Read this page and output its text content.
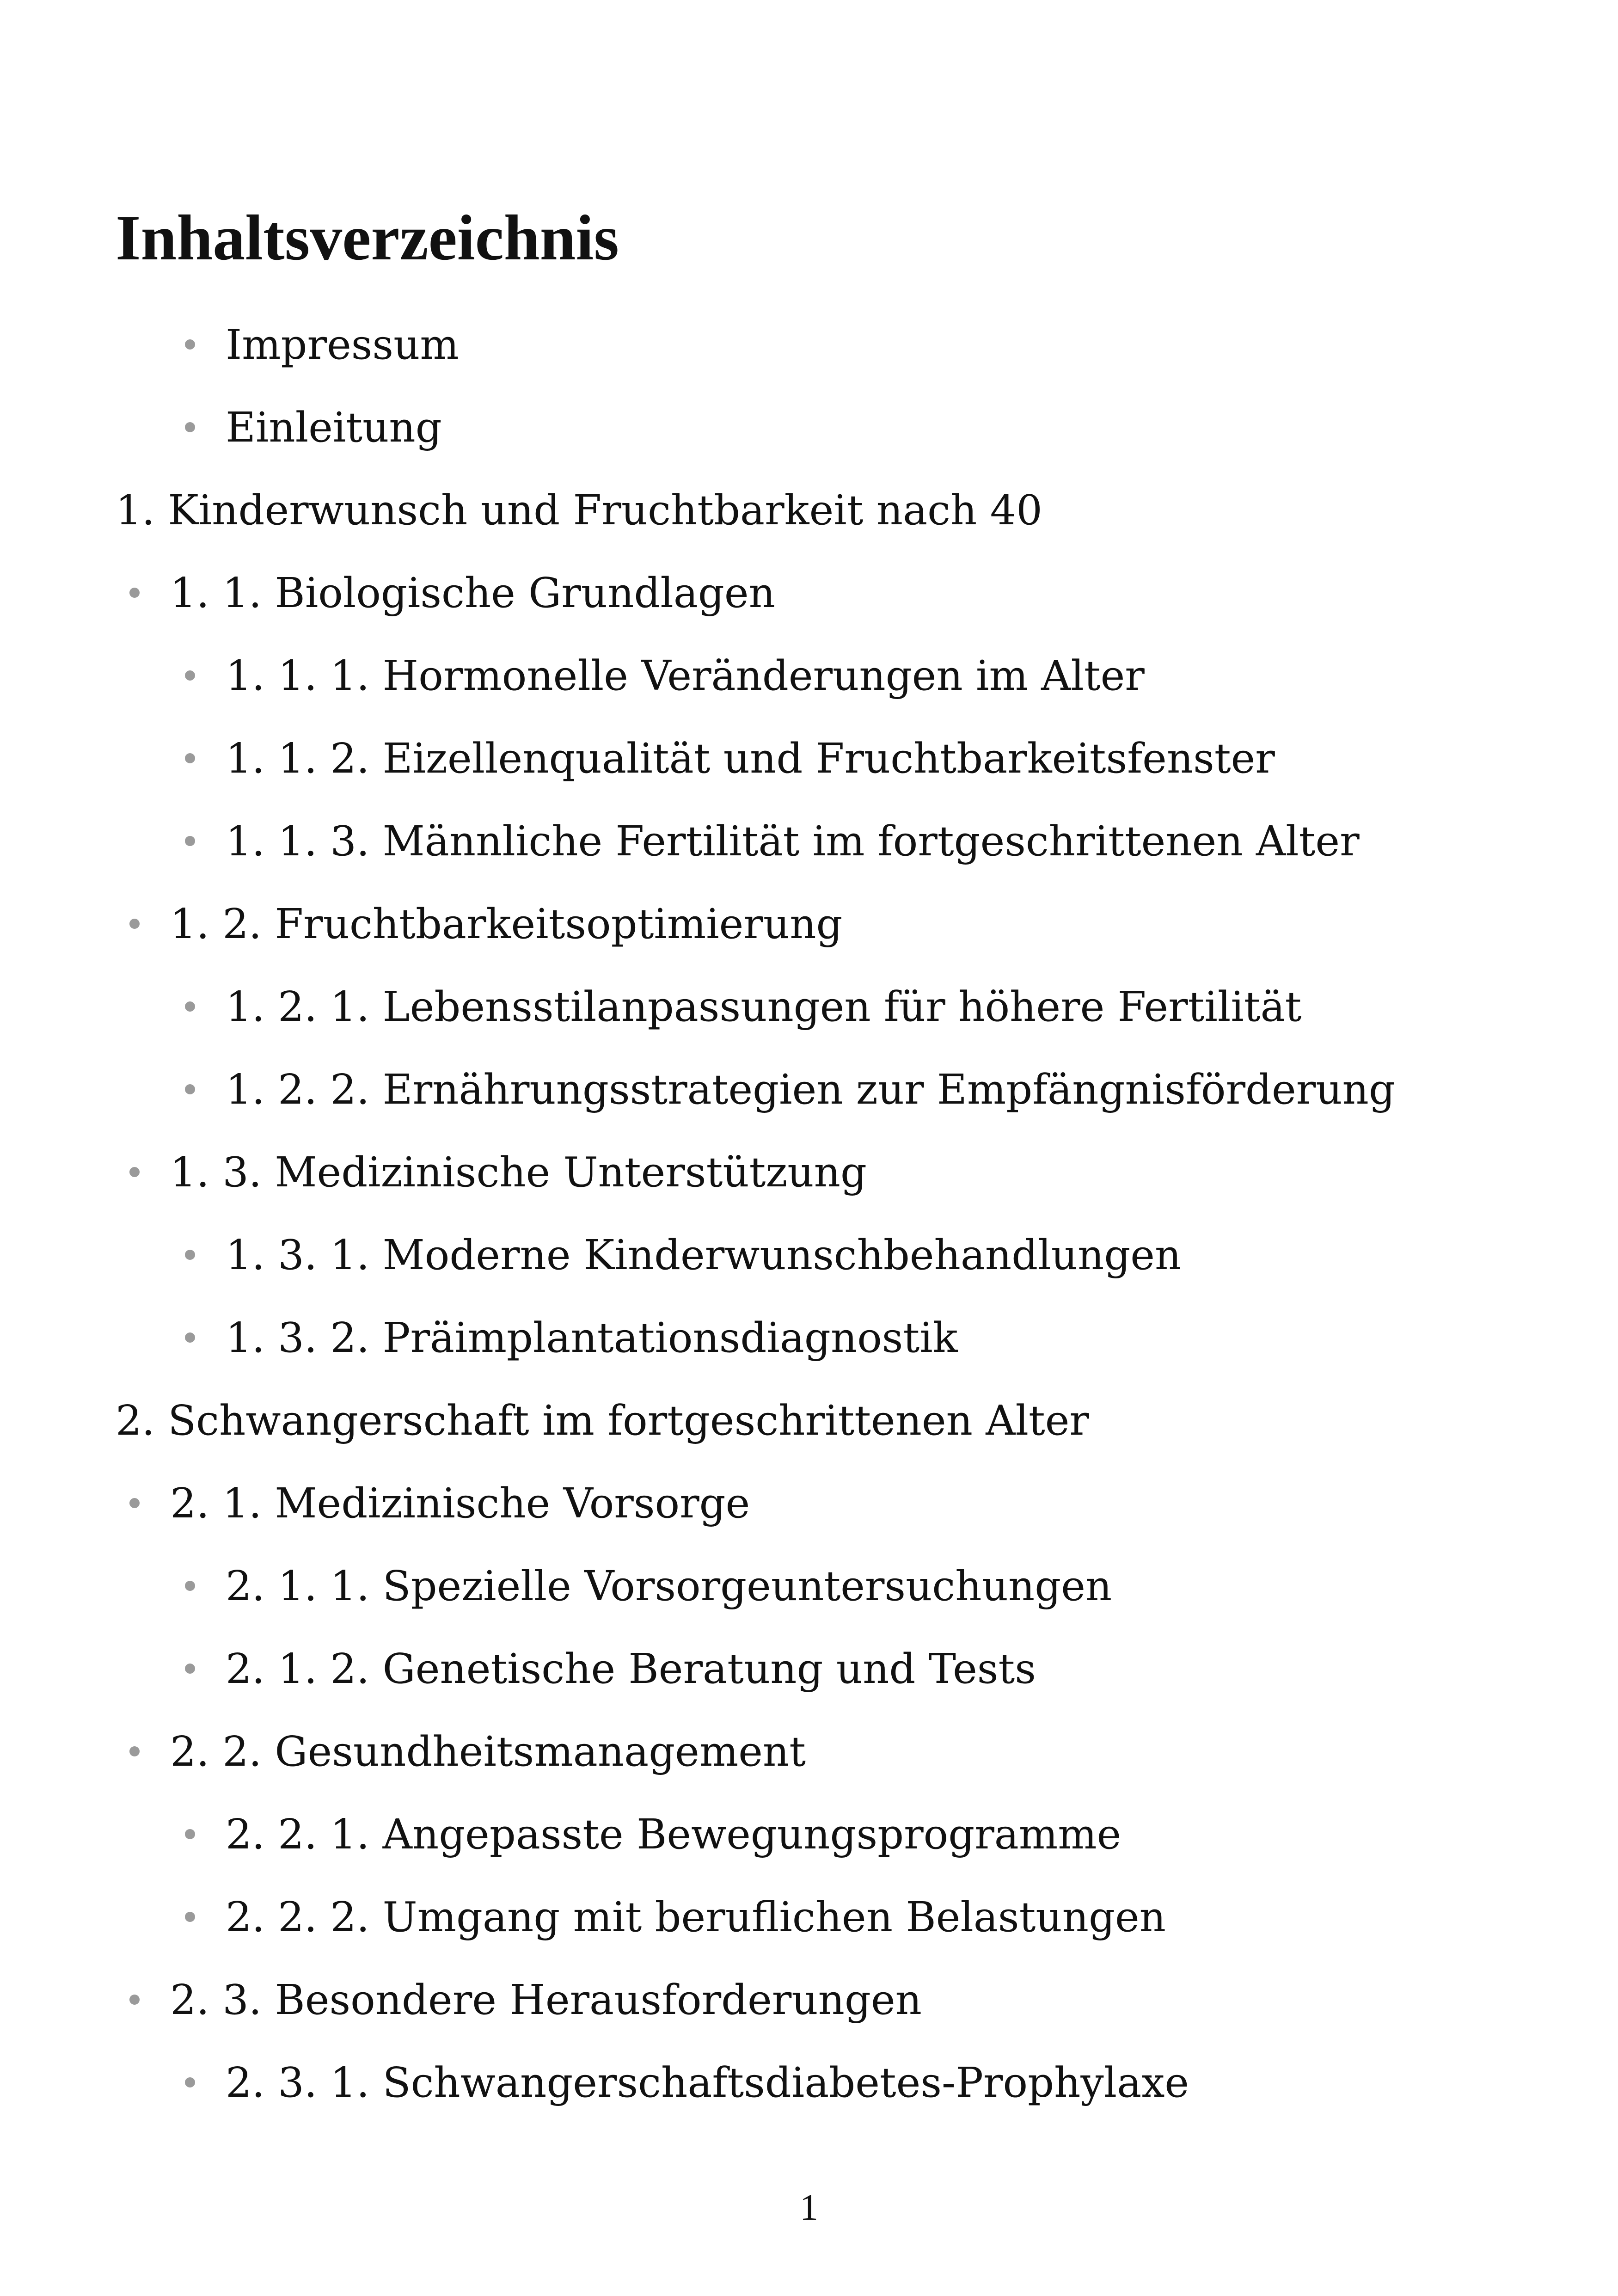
Inhaltsverzeichnis
Impressum
Einleitung
1. Kinderwunsch und Fruchtbarkeit nach 40
1. 1. Biologische Grundlagen
1. 1. 1. Hormonelle Veränderungen im Alter
1. 1. 2. Eizellenqualität und Fruchtbarkeitsfenster
1. 1. 3. Männliche Fertilität im fortgeschrittenen Alter
1. 2. Fruchtbarkeitsoptimierung
1. 2. 1. Lebensstilanpassungen für höhere Fertilität
1. 2. 2. Ernährungsstrategien zur Empfängnisförderung
1. 3. Medizinische Unterstützung
1. 3. 1. Moderne Kinderwunschbehandlungen
1. 3. 2. Präimplantationsdiagnostik
2. Schwangerschaft im fortgeschrittenen Alter
2. 1. Medizinische Vorsorge
2. 1. 1. Spezielle Vorsorgeuntersuchungen
2. 1. 2. Genetische Beratung und Tests
2. 2. Gesundheitsmanagement
2. 2. 1. Angepasste Bewegungsprogramme
2. 2. 2. Umgang mit beruflichen Belastungen
2. 3. Besondere Herausforderungen
2. 3. 1. Schwangerschaftsdiabetes-Prophylaxe
1
